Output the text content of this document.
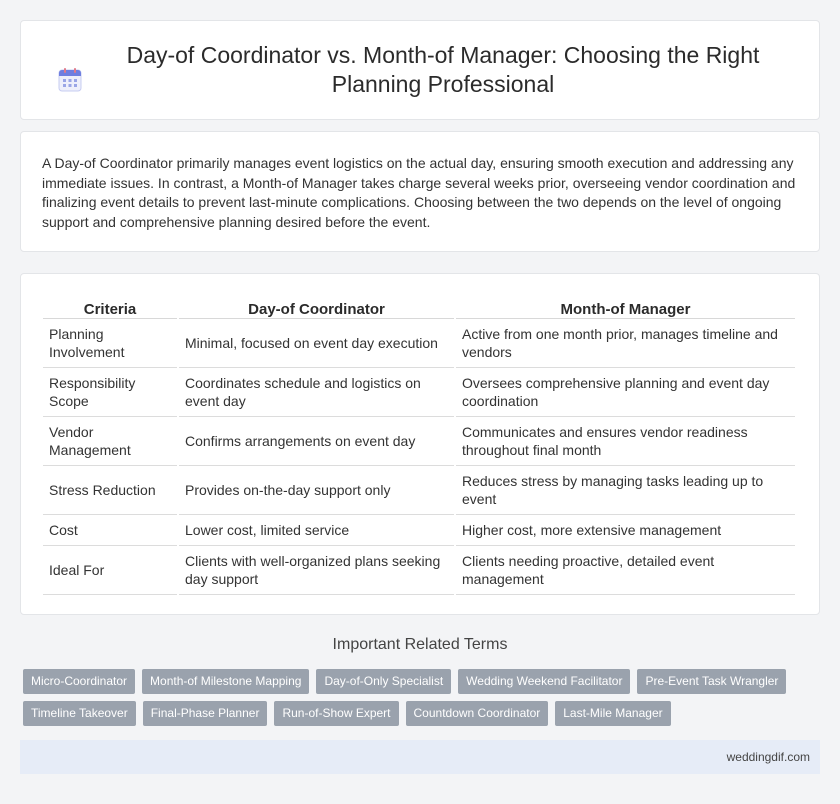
Day-of Coordinator vs. Month-of Manager: Choosing the Right Planning Professional

A Day-of Coordinator primarily manages event logistics on the actual day, ensuring smooth execution and addressing any immediate issues. In contrast, a Month-of Manager takes charge several weeks prior, overseeing vendor coordination and finalizing event details to prevent last-minute complications. Choosing between the two depends on the level of ongoing support and comprehensive planning desired before the event.

Criteria	Day-of Coordinator	Month-of Manager
Planning Involvement	Minimal, focused on event day execution	Active from one month prior, manages timeline and vendors
Responsibility Scope	Coordinates schedule and logistics on event day	Oversees comprehensive planning and event day coordination
Vendor Management	Confirms arrangements on event day	Communicates and ensures vendor readiness throughout final month
Stress Reduction	Provides on-the-day support only	Reduces stress by managing tasks leading up to event
Cost	Lower cost, limited service	Higher cost, more extensive management
Ideal For	Clients with well-organized plans seeking day support	Clients needing proactive, detailed event management
Important Related Terms
Micro-Coordinator	Month-of Milestone Mapping	Day-of-Only Specialist	Wedding Weekend Facilitator	Pre-Event Task Wrangler
Timeline Takeover	Final-Phase Planner	Run-of-Show Expert	Countdown Coordinator	Last-Mile Manager
weddingdif.com
